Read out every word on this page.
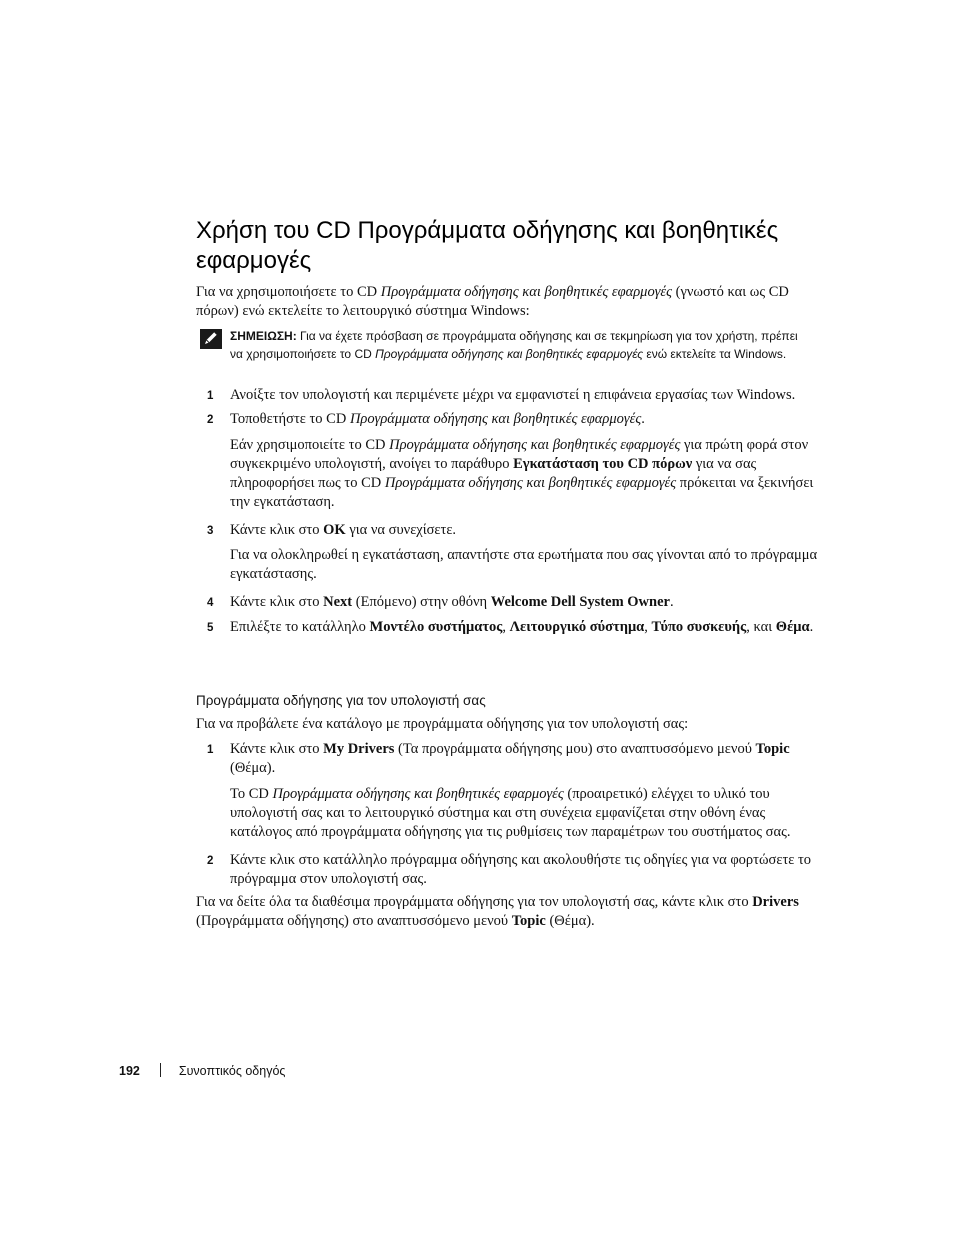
Χρήση του CD Προγράμματα οδήγησης και βοηθητικές εφαρμογές

Για να χρησιμοποιήσετε το CD Προγράμματα οδήγησης και βοηθητικές εφαρμογές (γνωστό και ως CD πόρων) ενώ εκτελείτε το λειτουργικό σύστημα Windows:

ΣΗΜΕΙΩΣΗ: Για να έχετε πρόσβαση σε προγράμματα οδήγησης και σε τεκμηρίωση για τον χρήστη, πρέπει να χρησιμοποιήσετε το CD Προγράμματα οδήγησης και βοηθητικές εφαρμογές ενώ εκτελείτε τα Windows.
1 Ανοίξτε τον υπολογιστή και περιμένετε μέχρι να εμφανιστεί η επιφάνεια εργασίας των Windows.
2 Τοποθετήστε το CD Προγράμματα οδήγησης και βοηθητικές εφαρμογές.

Εάν χρησιμοποιείτε το CD Προγράμματα οδήγησης και βοηθητικές εφαρμογές για πρώτη φορά στον συγκεκριμένο υπολογιστή, ανοίγει το παράθυρο Εγκατάσταση του CD πόρων για να σας πληροφορήσει πως το CD Προγράμματα οδήγησης και βοηθητικές εφαρμογές πρόκειται να ξεκινήσει την εγκατάσταση.

3 Κάντε κλικ στο OK για να συνεχίσετε.

Για να ολοκληρωθεί η εγκατάσταση, απαντήστε στα ερωτήματα που σας γίνονται από το πρόγραμμα εγκατάστασης.

4 Κάντε κλικ στο Next (Επόμενο) στην οθόνη Welcome Dell System Owner.
5 Επιλέξτε το κατάλληλο Μοντέλο συστήματος, Λειτουργικό σύστημα, Τύπο συσκευής, και Θέμα.
Προγράμματα οδήγησης για τον υπολογιστή σας

Για να προβάλετε ένα κατάλογο με προγράμματα οδήγησης για τον υπολογιστή σας:

1 Κάντε κλικ στο My Drivers (Τα προγράμματα οδήγησης μου) στο αναπτυσσόμενο μενού Topic (Θέμα).

Το CD Προγράμματα οδήγησης και βοηθητικές εφαρμογές (προαιρετικό) ελέγχει το υλικό του υπολογιστή σας και το λειτουργικό σύστημα και στη συνέχεια εμφανίζεται στην οθόνη ένας κατάλογος από προγράμματα οδήγησης για τις ρυθμίσεις των παραμέτρων του συστήματος σας.

2 Κάντε κλικ στο κατάλληλο πρόγραμμα οδήγησης και ακολουθήστε τις οδηγίες για να φορτώσετε το πρόγραμμα στον υπολογιστή σας.

Για να δείτε όλα τα διαθέσιμα προγράμματα οδήγησης για τον υπολογιστή σας, κάντε κλικ στο Drivers (Προγράμματα οδήγησης) στο αναπτυσσόμενο μενού Topic (Θέμα).

192	Συνοπτικός οδηγός
